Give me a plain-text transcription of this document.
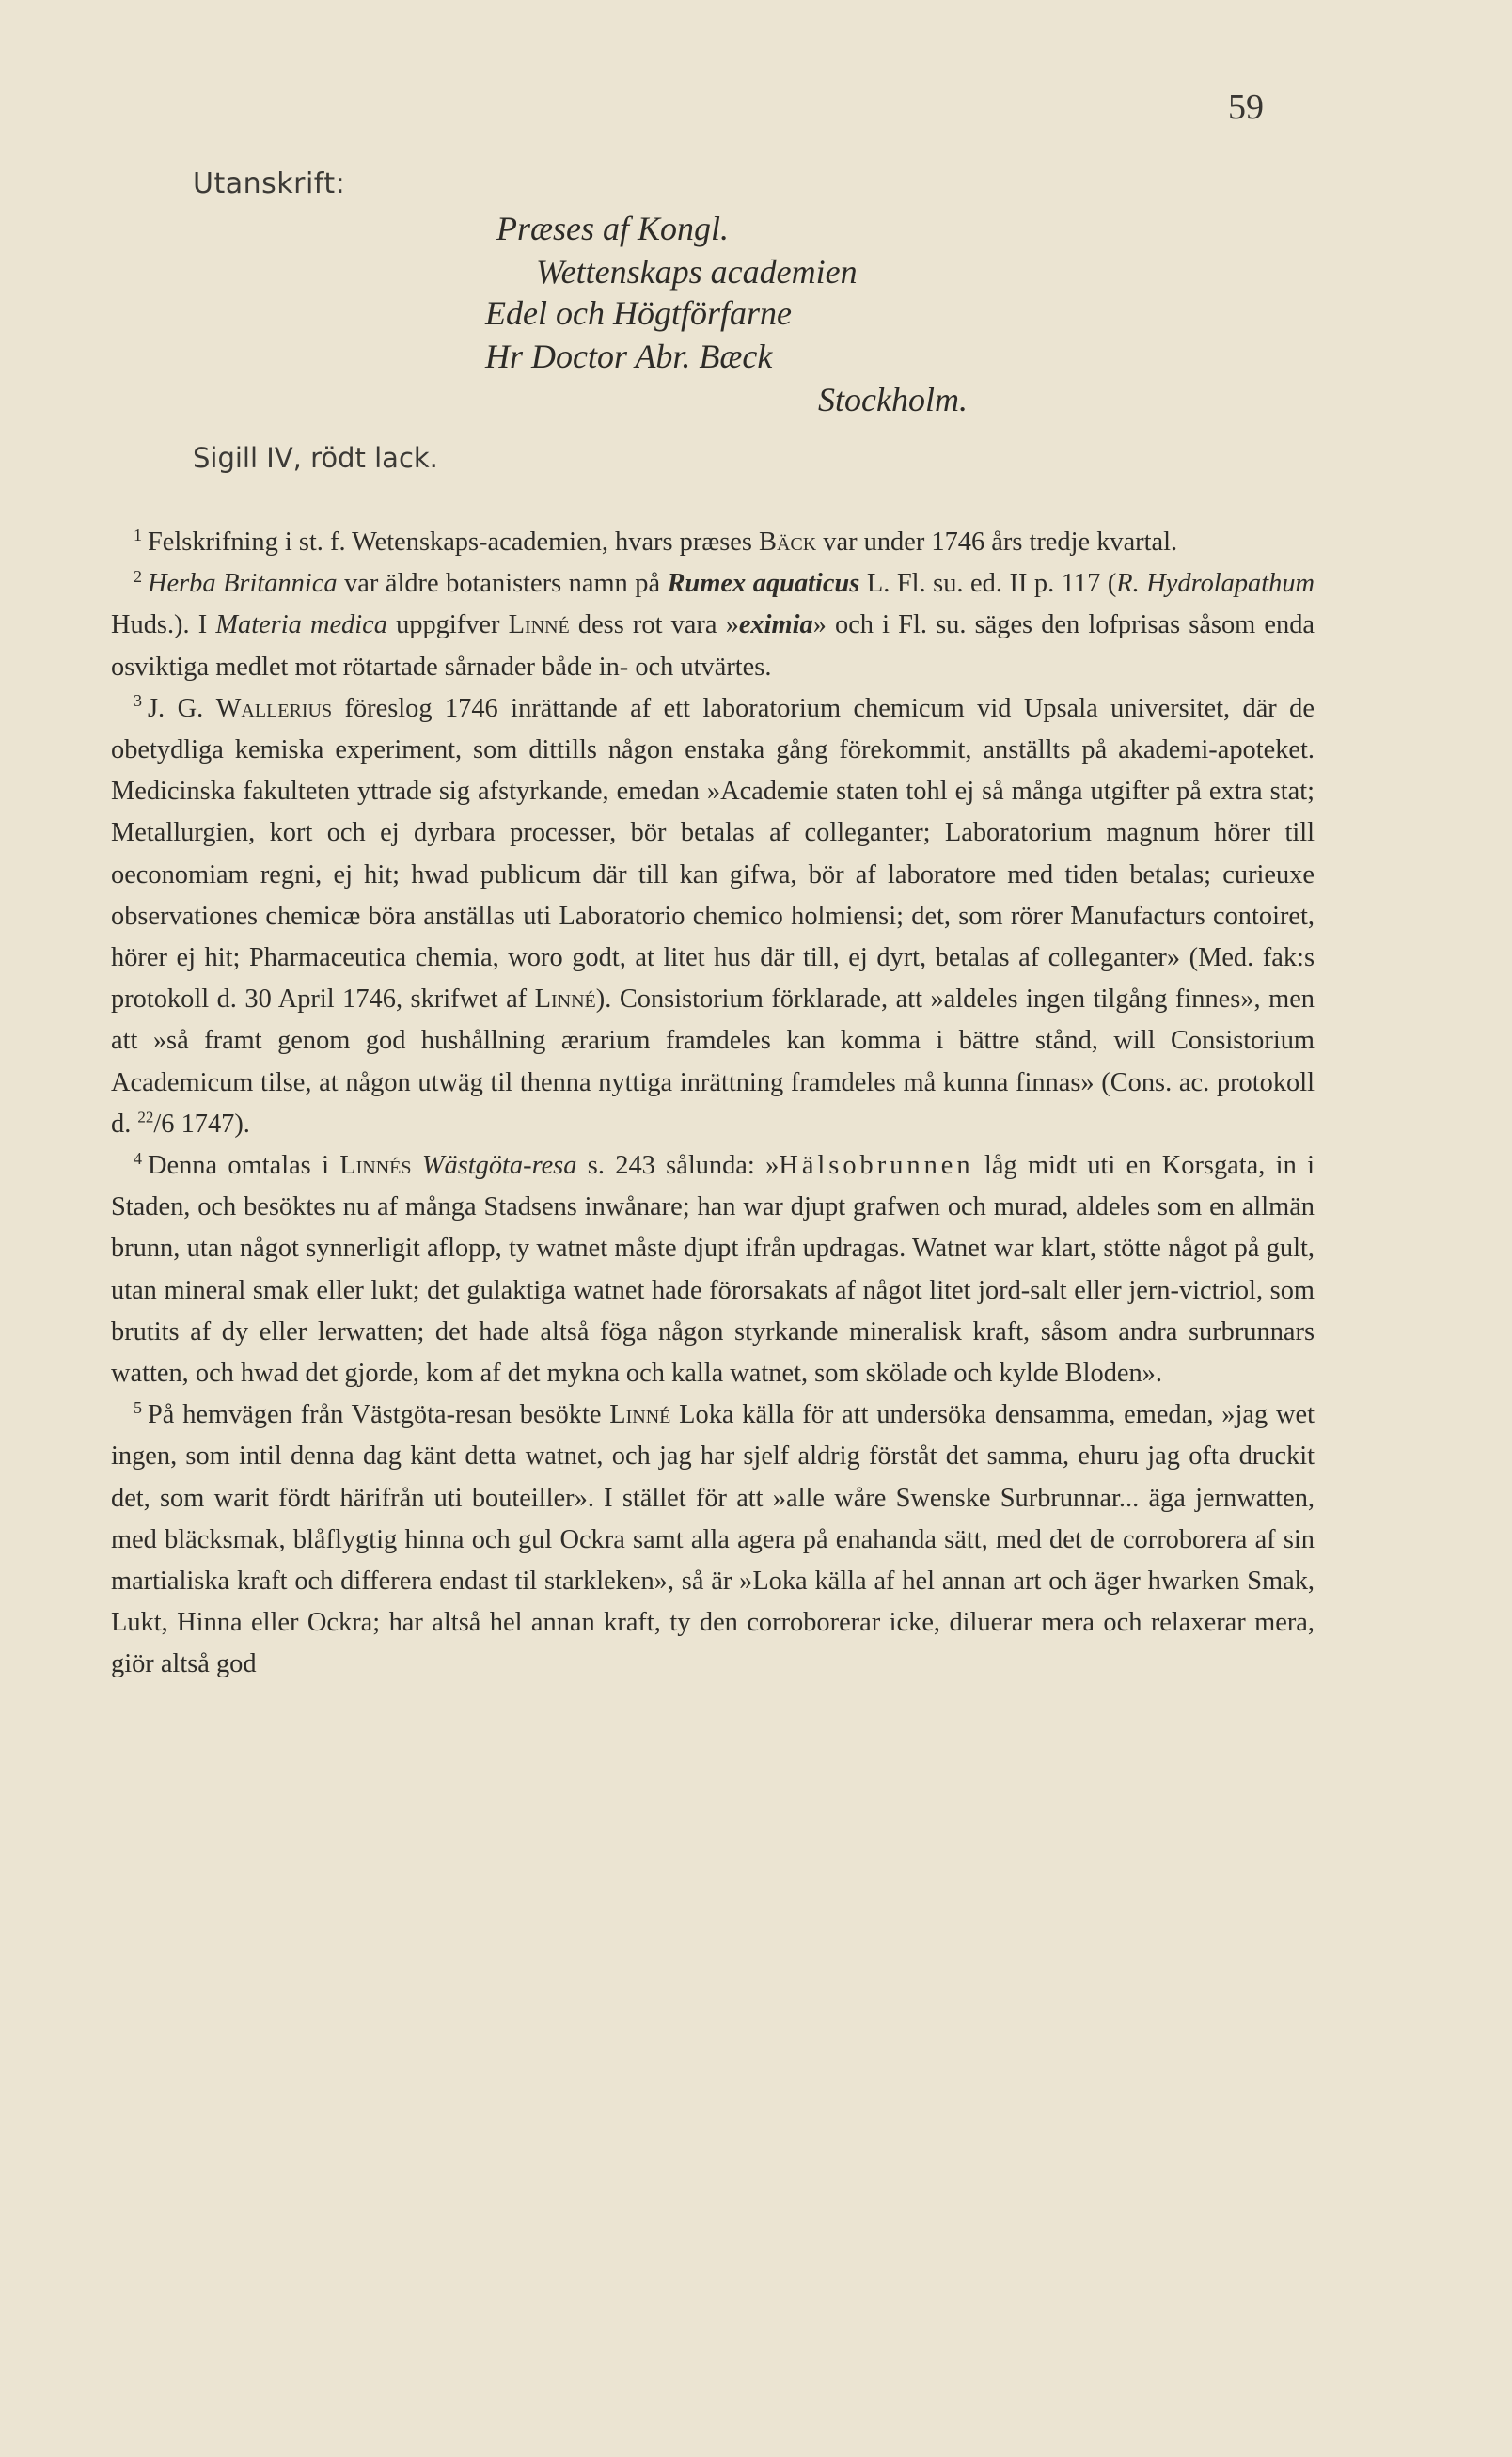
59
Utanskrift:
Præses af Kongl.
Wettenskaps academien
Edel och Högtförfarne
Hr Doctor Abr. Bæck
Stockholm.
Sigill IV, rödt lack.

$^1$ Felskrifning i st. f. Wetenskaps-academien, hvars præses Bäck var under 1746 års tredje kvartal.

$^2$ Herba Britannica var äldre botanisters namn på Rumex aquaticus L. Fl. su. ed. II p. 117 (R. Hydrolapathum Huds.). I Materia medica uppgifver Linné dess rot vara »eximia» och i Fl. su. säges den lofprisas såsom enda osviktiga medlet mot rötartade sårnader både in- och utvärtes.

$^3$ J. G. Wallerius föreslog 1746 inrättande af ett laboratorium chemicum vid Upsala universitet, där de obetydliga kemiska experiment, som dittills någon enstaka gång förekommit, anställts på akademi-apoteket. Medicinska fakulteten yttrade sig afstyrkande, emedan »Academie staten tohl ej så många utgifter på extra stat; Metallurgien, kort och ej dyrbara processer, bör betalas af colleganter; Laboratorium magnum hörer till oeconomiam regni, ej hit; hwad publicum där till kan gifwa, bör af laboratore med tiden betalas; curieuxe observationes chemicæ böra anställas uti Laboratorio chemico holmiensi; det, som rörer Manufacturs contoiret, hörer ej hit; Pharmaceutica chemia, woro godt, at litet hus där till, ej dyrt, betalas af colleganter» (Med. fak:s protokoll d. 30 April 1746, skrifwet af Linné). Consistorium förklarade, att »aldeles ingen tilgång finnes», men att »så framt genom god hushållning ærarium framdeles kan komma i bättre stånd, will Consistorium Academicum tilse, at någon utwäg til thenna nyttiga inrättning framdeles må kunna finnas» (Cons. ac. protokoll d. $^{22}$/6 1747).

$^4$ Denna omtalas i Linnés Wästgöta-resa s. 243 sålunda: »Hälsobrunnen låg midt uti en Korsgata, in i Staden, och besöktes nu af många Stadsens inwånare; han war djupt grafwen och murad, aldeles som en allmän brunn, utan något synnerligit aflopp, ty watnet måste djupt ifrån updragas. Watnet war klart, stötte något på gult, utan mineral smak eller lukt; det gulaktiga watnet hade förorsakats af något litet jord-salt eller jern-victriol, som brutits af dy eller lerwatten; det hade altså föga någon styrkande mineralisk kraft, såsom andra surbrunnars watten, och hwad det gjorde, kom af det mykna och kalla watnet, som skölade och kylde Bloden».

$^5$ På hemvägen från Västgöta-resan besökte Linné Loka källa för att undersöka densamma, emedan, »jag wet ingen, som intil denna dag känt detta watnet, och jag har sjelf aldrig förståt det samma, ehuru jag ofta druckit det, som warit fördt härifrån uti bouteiller». I stället för att »alle wåre Swenske Surbrunnar... äga jernwatten, med bläcksmak, blåflygtig hinna och gul Ockra samt alla agera på enahanda sätt, med det de corroborera af sin martialiska kraft och differera endast til starkleken», så är »Loka källa af hel annan art och äger hwarken Smak, Lukt, Hinna eller Ockra; har altså hel annan kraft, ty den corroborerar icke, diluerar mera och relaxerar mera, giör altså god
